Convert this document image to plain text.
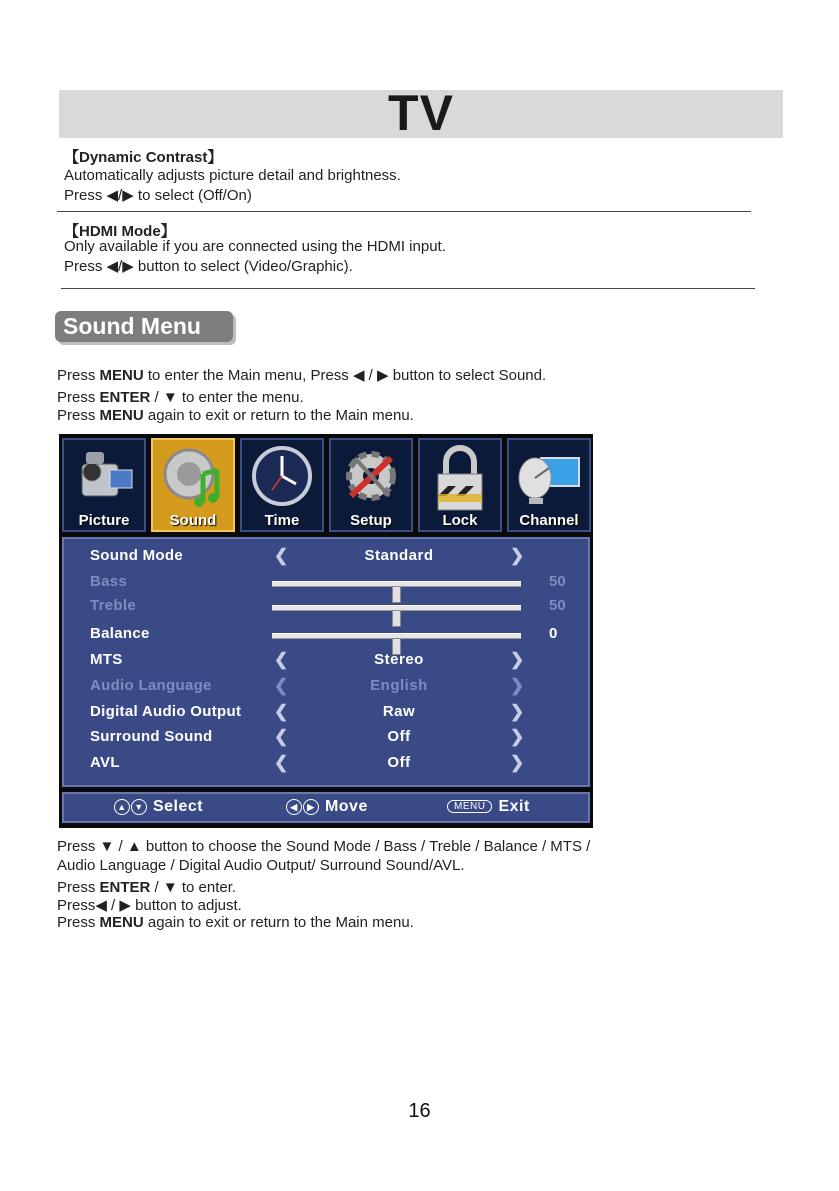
TV
【Dynamic Contrast】
Automatically adjusts picture detail and brightness.
Press ◀/▶ to select (Off/On)
【HDMI Mode】
Only available if you are connected using the HDMI input.
Press ◀/▶ button to select (Video/Graphic).
Sound Menu
Press MENU to enter the Main menu, Press ◀ / ▶ button to select Sound.
Press ENTER / ▼ to enter the menu.
Press MENU again to exit or return to the Main menu.
Picture	Sound	Time	Setup	Lock	Channel
Sound Mode	❮	Standard	❯
Bass	50
Treble	50
Balance	0
MTS	❮	Stereo	❯
Audio Language	❮	English	❯
Digital Audio Output ❮	Raw	❯
Surround Sound	❮	Off	❯
AVL	❮	Off	❯
▲ ▼ Select	◀ ▶ Move	MENU Exit
Press ▼ / ▲ button to choose the Sound Mode / Bass / Treble / Balance / MTS /
Audio Language / Digital Audio Output/ Surround Sound/AVL.
Press ENTER / ▼ to enter.
Press◀ / ▶ button to adjust.
Press MENU again to exit or return to the Main menu.
16
